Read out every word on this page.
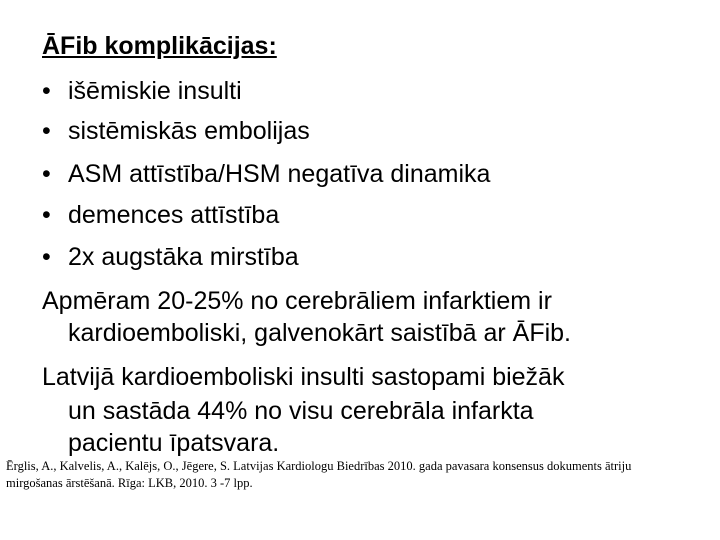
ĀFib komplikācijas:
• išēmiskie insulti
• sistēmiskās embolijas
• ASM attīstība/HSM negatīva dinamika
• demences attīstība
• 2x augstāka mirstība
Apmēram 20-25% no cerebrāliem infarktiem ir
kardioemboliski, galvenokārt saistībā ar ĀFib.
Latvijā kardioemboliski insulti sastopami biežāk
un sastāda 44% no visu cerebrāla infarkta
pacientu īpatsvara.
Ērglis, A., Kalvelis, A., Kalējs, O., Jēgere, S. Latvijas Kardiologu Biedrības 2010. gada pavasara konsensus dokuments ātriju
mirgošanas ārstēšanā. Rīga: LKB, 2010. 3 -7 lpp.
